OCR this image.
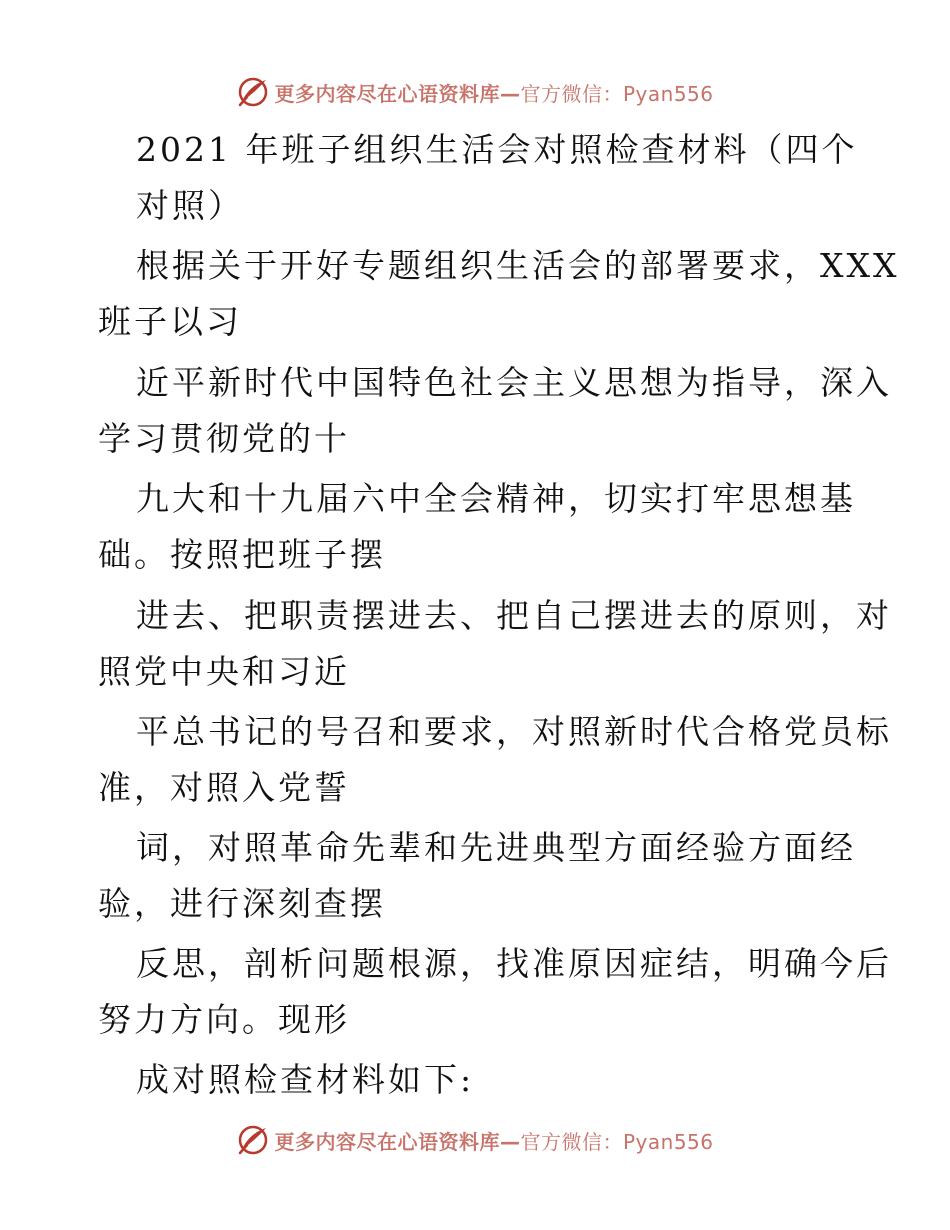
更多内容尽在心语资料库—官方微信：Pyan556
2021 年班子组织生活会对照检查材料（四个
对照）
根据关于开好专题组织生活会的部署要求，XXX
班子以习
近平新时代中国特色社会主义思想为指导，深入
学习贯彻党的十
九大和十九届六中全会精神，切实打牢思想基
础。按照把班子摆
进去、把职责摆进去、把自己摆进去的原则，对
照党中央和习近
平总书记的号召和要求，对照新时代合格党员标
准，对照入党誓
词，对照革命先辈和先进典型方面经验方面经
验，进行深刻查摆
反思，剖析问题根源，找准原因症结，明确今后
努力方向。现形
成对照检查材料如下:
更多内容尽在心语资料库—官方微信：Pyan556
